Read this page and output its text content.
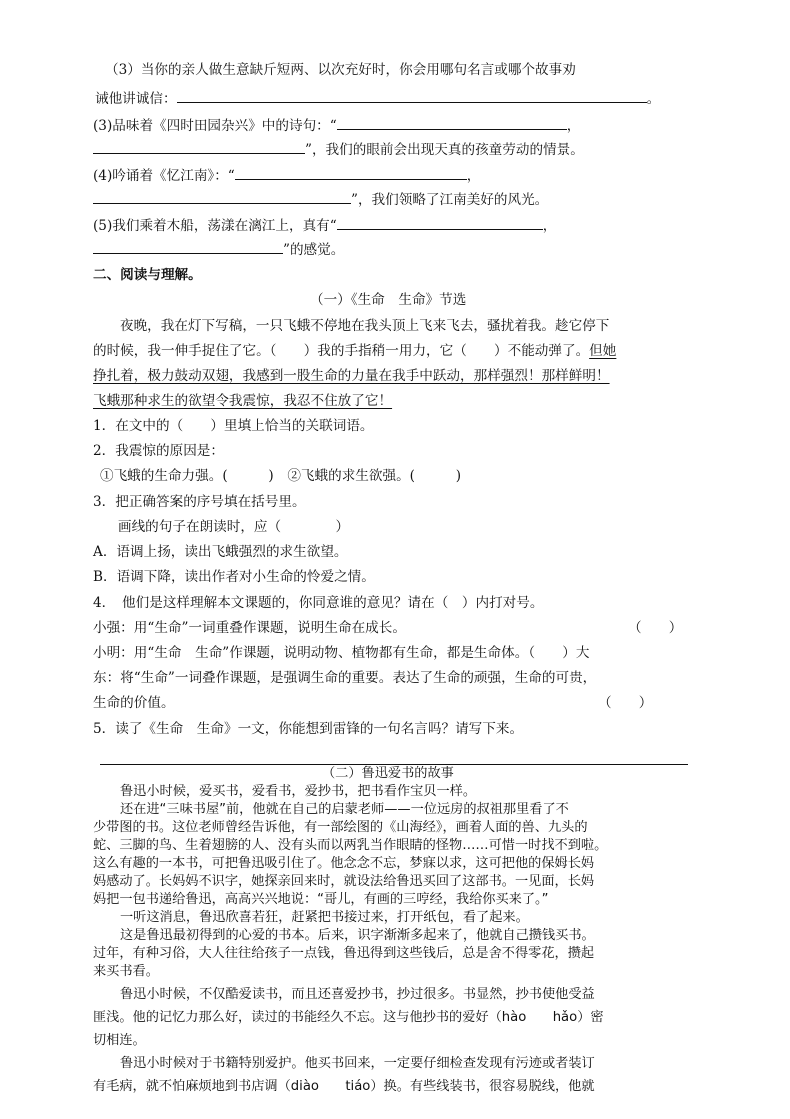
（3）当你的亲人做生意缺斤短两、以次充好时，你会用哪句名言或哪个故事劝
诫他讲诚信：	。
(3)品味着《四时田园杂兴》中的诗句：“	，
”，我们的眼前会出现天真的孩童劳动的情景。
(4)吟诵着《忆江南》：“	，
”，我们领略了江南美好的风光。
(5)我们乘着木船，荡漾在漓江上，真有“	，
”的感觉。
二、阅读与理解。
（一）《生命　生命》节选
夜晚，我在灯下写稿，一只飞蛾不停地在我头顶上飞来飞去，骚扰着我。趁它停下
的时候，我一伸手捉住了它。（　　）我的手指稍一用力，它（　　）不能动弹了。但她
挣扎着，极力鼓动双翅，我感到一股生命的力量在我手中跃动，那样强烈！那样鲜明！
飞蛾那种求生的欲望令我震惊，我忍不住放了它！
1．在文中的（　　）里填上恰当的关联词语。
2．我震惊的原因是：
①飞蛾的生命力强。(　　　)　②飞蛾的求生欲强。(　　　)
3．把正确答案的序号填在括号里。
画线的句子在朗读时，应（　　　　）
A．语调上扬，读出飞蛾强烈的求生欲望。
B．语调下降，读出作者对小生命的怜爱之情。
4．　他们是这样理解本文课题的，你同意谁的意见？请在（　）内打对号。
小强：用“生命”一词重叠作课题，说明生命在成长。	（　　）
小明：用“生命　生命”作课题，说明动物、植物都有生命，都是生命体。（　　）大
东：将“生命”一词叠作课题，是强调生命的重要。表达了生命的顽强，生命的可贵，
生命的价值。	（　　）
5．读了《生命　生命》一文，你能想到雷锋的一句名言吗？请写下来。
（二）鲁迅爱书的故事
鲁迅小时候，爱买书，爱看书，爱抄书，把书看作宝贝一样。
还在进“三味书屋”前，他就在自己的启蒙老师——一位远房的叔祖那里看了不
少带图的书。这位老师曾经告诉他，有一部绘图的《山海经》，画着人面的兽、九头的
蛇、三脚的鸟、生着翅膀的人、没有头而以两乳当作眼睛的怪物……可惜一时找不到啦。
这么有趣的一本书，可把鲁迅吸引住了。他念念不忘，梦寐以求，这可把他的保姆长妈
妈感动了。长妈妈不识字，她探亲回来时，就设法给鲁迅买回了这部书。一见面，长妈
妈把一包书递给鲁迅，高高兴兴地说：“哥儿，有画的三哼经，我给你买来了。”
一听这消息，鲁迅欣喜若狂，赶紧把书接过来，打开纸包，看了起来。
这是鲁迅最初得到的心爱的书本。后来，识字渐渐多起来了，他就自己攒钱买书。
过年，有种习俗，大人往往给孩子一点钱，鲁迅得到这些钱后，总是舍不得零花，攒起
来买书看。
鲁迅小时候，不仅酷爱读书，而且还喜爱抄书，抄过很多。书显然，抄书使他受益
匪浅。他的记忆力那么好，读过的书能经久不忘。这与他抄书的爱好（hào　　hǎo）密
切相连。
鲁迅小时候对于书籍特别爱护。他买书回来，一定要仔细检查发现有污迹或者装订
有毛病，就不怕麻烦地到书店调（diào　　tiáo）换。有些线装书，很容易脱线，他就
